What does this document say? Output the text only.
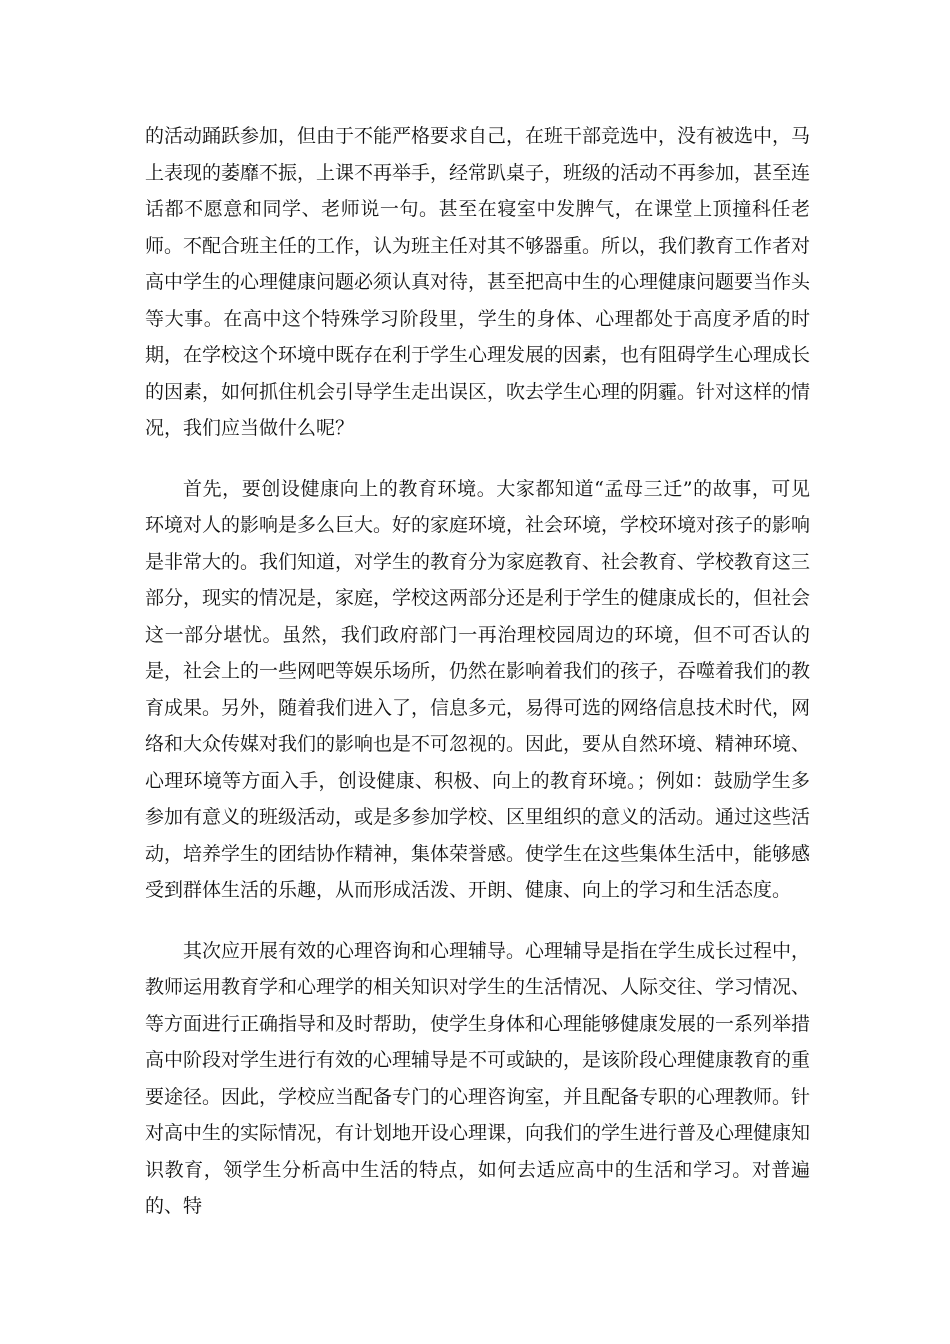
的活动踊跃参加，但由于不能严格要求自己，在班干部竞选中，没有被选中，马上表现的萎靡不振，上课不再举手，经常趴桌子，班级的活动不再参加，甚至连话都不愿意和同学、老师说一句。甚至在寝室中发脾气，在课堂上顶撞科任老师。不配合班主任的工作，认为班主任对其不够器重。所以，我们教育工作者对高中学生的心理健康问题必须认真对待，甚至把高中生的心理健康问题要当作头等大事。在高中这个特殊学习阶段里，学生的身体、心理都处于高度矛盾的时期，在学校这个环境中既存在利于学生心理发展的因素，也有阻碍学生心理成长的因素，如何抓住机会引导学生走出误区，吹去学生心理的阴霾。针对这样的情况，我们应当做什么呢？

首先，要创设健康向上的教育环境。大家都知道“孟母三迁”的故事，可见环境对人的影响是多么巨大。好的家庭环境，社会环境，学校环境对孩子的影响是非常大的。我们知道，对学生的教育分为家庭教育、社会教育、学校教育这三部分，现实的情况是，家庭，学校这两部分还是利于学生的健康成长的，但社会这一部分堪忧。虽然，我们政府部门一再治理校园周边的环境，但不可否认的是，社会上的一些网吧等娱乐场所，仍然在影响着我们的孩子，吞噬着我们的教育成果。另外，随着我们进入了，信息多元，易得可选的网络信息技术时代，网络和大众传媒对我们的影响也是不可忽视的。因此，要从自然环境、精神环境、心理环境等方面入手，创设健康、积极、向上的教育环境。；例如：鼓励学生多参加有意义的班级活动，或是多参加学校、区里组织的意义的活动。通过这些活动，培养学生的团结协作精神，集体荣誉感。使学生在这些集体生活中，能够感受到群体生活的乐趣，从而形成活泼、开朗、健康、向上的学习和生活态度。

其次应开展有效的心理咨询和心理辅导。心理辅导是指在学生成长过程中，教师运用教育学和心理学的相关知识对学生的生活情况、人际交往、学习情况、等方面进行正确指导和及时帮助，使学生身体和心理能够健康发展的一系列举措高中阶段对学生进行有效的心理辅导是不可或缺的，是该阶段心理健康教育的重要途径。因此，学校应当配备专门的心理咨询室，并且配备专职的心理教师。针对高中生的实际情况，有计划地开设心理课，向我们的学生进行普及心理健康知识教育，领学生分析高中生活的特点，如何去适应高中的生活和学习。对普遍的、特
